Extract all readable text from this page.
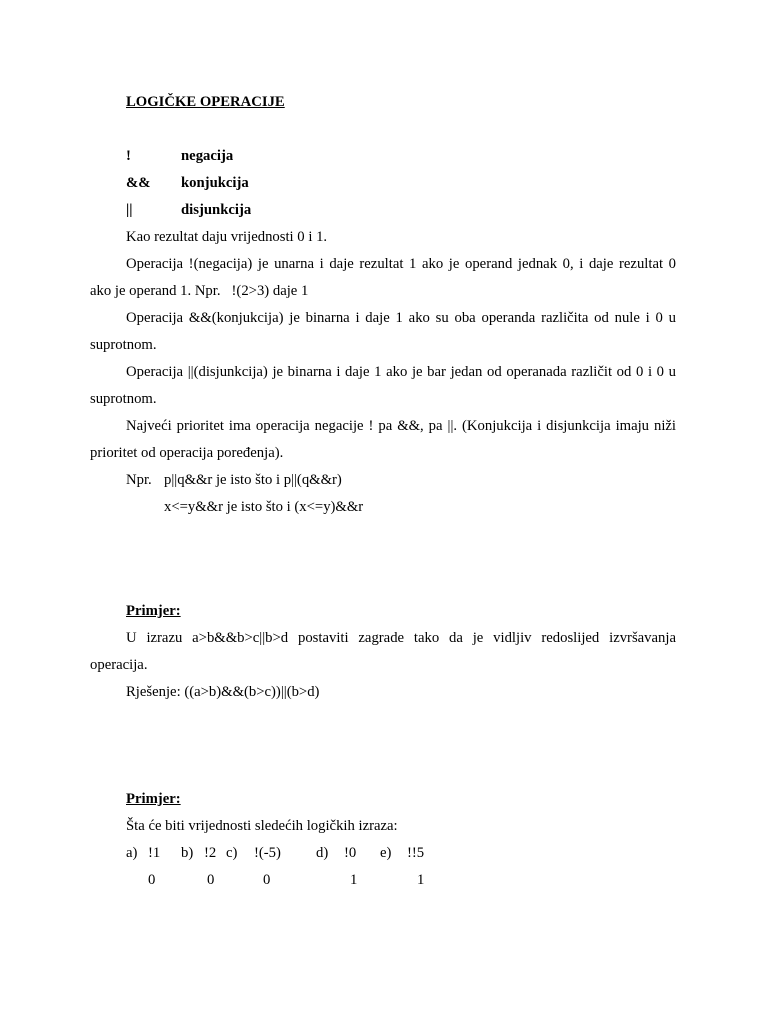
LOGIČKE OPERACIJE
!	negacija
&& konjukcija
||	disjunkcija
Kao rezultat daju vrijednosti 0 i 1.
Operacija !(negacija) je unarna i daje rezultat 1 ako je operand jednak 0, i daje rezultat 0
ako je operand 1. Npr.   !(2>3) daje 1
Operacija &&(konjukcija) je binarna i daje 1 ako su oba operanda različita od nule i 0 u
suprotnom.
Operacija ||(disjunkcija) je binarna i daje 1 ako je bar jedan od operanada različit od 0 i 0 u
suprotnom.
Najveći prioritet ima operacija negacije ! pa &&, pa ||. (Konjukcija i disjunkcija imaju niži
prioritet od operacija poređenja).
Npr. p||q&&r je isto što i p||(q&&r)
x<=y&&r je isto što i (x<=y)&&r
Primjer:
U izrazu a>b&&b>c||b>d postaviti zagrade tako da je vidljiv redoslijed izvršavanja
operacija.
Rješenje: ((a>b)&&(b>c))||(b>d)
Primjer:
Šta će biti vrijednosti sledećih logičkih izraza:
a) !1 b) !2 c) !(-5) d) !0 e) !!5
0	0	0	1	1
